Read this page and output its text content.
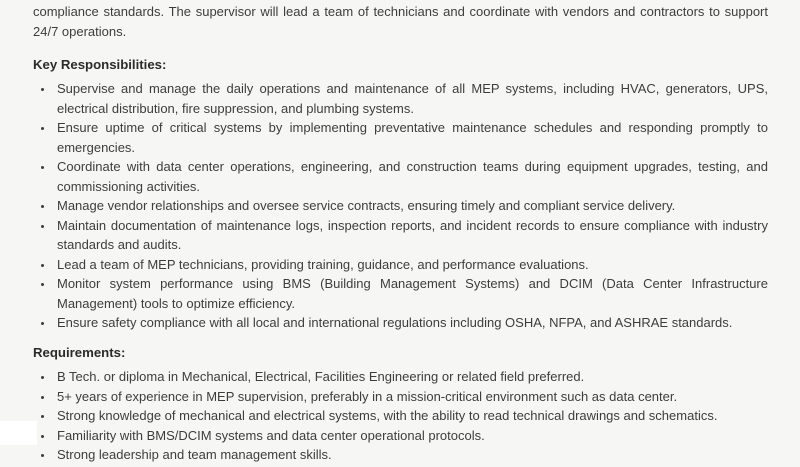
compliance standards. The supervisor will lead a team of technicians and coordinate with vendors and contractors to support 24/7 operations.

Key Responsibilities:
• Supervise and manage the daily operations and maintenance of all MEP systems, including HVAC, generators, UPS, electrical distribution, fire suppression, and plumbing systems.
• Ensure uptime of critical systems by implementing preventative maintenance schedules and responding promptly to emergencies.
• Coordinate with data center operations, engineering, and construction teams during equipment upgrades, testing, and commissioning activities.
• Manage vendor relationships and oversee service contracts, ensuring timely and compliant service delivery.
• Maintain documentation of maintenance logs, inspection reports, and incident records to ensure compliance with industry standards and audits.
• Lead a team of MEP technicians, providing training, guidance, and performance evaluations.
• Monitor system performance using BMS (Building Management Systems) and DCIM (Data Center Infrastructure Management) tools to optimize efficiency.
• Ensure safety compliance with all local and international regulations including OSHA, NFPA, and ASHRAE standards.
Requirements:
• B Tech. or diploma in Mechanical, Electrical, Facilities Engineering or related field preferred.
• 5+ years of experience in MEP supervision, preferably in a mission-critical environment such as data center.
• Strong knowledge of mechanical and electrical systems, with the ability to read technical drawings and schematics.
• Familiarity with BMS/DCIM systems and data center operational protocols.
• Strong leadership and team management skills.
